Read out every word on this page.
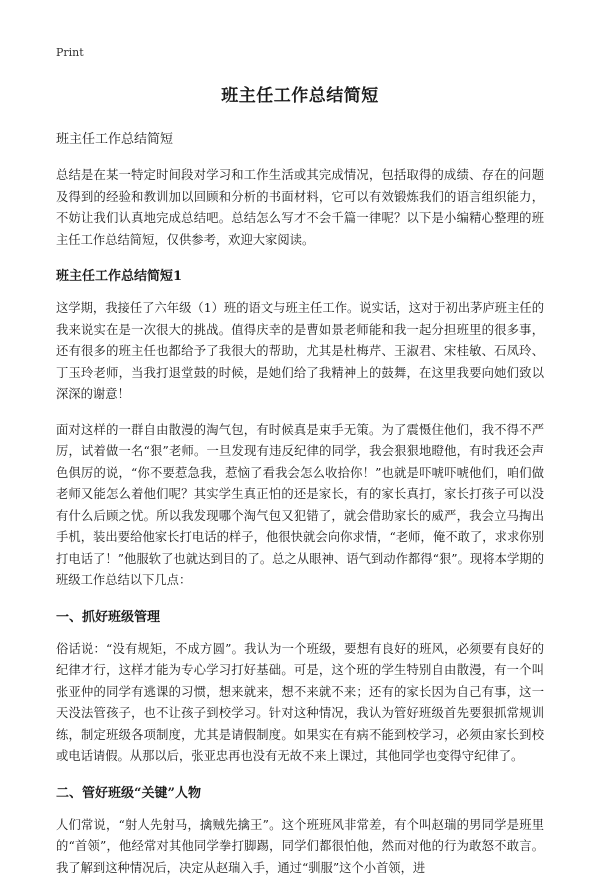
Print
班主任工作总结简短
班主任工作总结简短

总结是在某一特定时间段对学习和工作生活或其完成情况，包括取得的成绩、存在的问题及得到的经验和教训加以回顾和分析的书面材料，它可以有效锻炼我们的语言组织能力，不妨让我们认真地完成总结吧。总结怎么写才不会千篇一律呢？以下是小编精心整理的班主任工作总结简短，仅供参考，欢迎大家阅读。

班主任工作总结简短1

这学期，我接任了六年级（1）班的语文与班主任工作。说实话，这对于初出茅庐班主任的我来说实在是一次很大的挑战。值得庆幸的是曹如景老师能和我一起分担班里的很多事，还有很多的班主任也都给予了我很大的帮助，尤其是杜梅芹、王淑君、宋桂敏、石凤玲、丁玉玲老师，当我打退堂鼓的时候，是她们给了我精神上的鼓舞，在这里我要向她们致以深深的谢意！

面对这样的一群自由散漫的淘气包，有时候真是束手无策。为了震慑住他们，我不得不严厉，试着做一名“狠”老师。一旦发现有违反纪律的同学，我会狠狠地瞪他，有时我还会声色俱厉的说，“你不要惹急我，惹恼了看我会怎么收拾你！”也就是吓唬吓唬他们，咱们做老师又能怎么着他们呢？其实学生真正怕的还是家长，有的家长真打，家长打孩子可以没有什么后顾之忧。所以我发现哪个淘气包又犯错了，就会借助家长的威严，我会立马掏出手机，装出要给他家长打电话的样子，他很快就会向你求情，“老师，俺不敢了，求求你别打电话了！”他服软了也就达到目的了。总之从眼神、语气到动作都得“狠”。现将本学期的班级工作总结以下几点：

一、抓好班级管理

俗话说：“没有规矩，不成方圆”。我认为一个班级，要想有良好的班风，必须要有良好的纪律才行，这样才能为专心学习打好基础。可是，这个班的学生特别自由散漫，有一个叫张亚仲的同学有逃课的习惯，想来就来，想不来就不来；还有的家长因为自己有事，这一天没法管孩子，也不让孩子到校学习。针对这种情况，我认为管好班级首先要狠抓常规训练，制定班级各项制度，尤其是请假制度。如果实在有病不能到校学习，必须由家长到校或电话请假。从那以后，张亚忠再也没有无故不来上课过，其他同学也变得守纪律了。

二、管好班级“关键”人物

人们常说，“射人先射马，擒贼先擒王”。这个班班风非常差，有个叫赵瑞的男同学是班里的“首领”，他经常对其他同学拳打脚踢，同学们都很怕他，然而对他的行为敢怒不敢言。我了解到这种情况后，决定从赵瑞入手，通过“驯服”这个小首领，进
